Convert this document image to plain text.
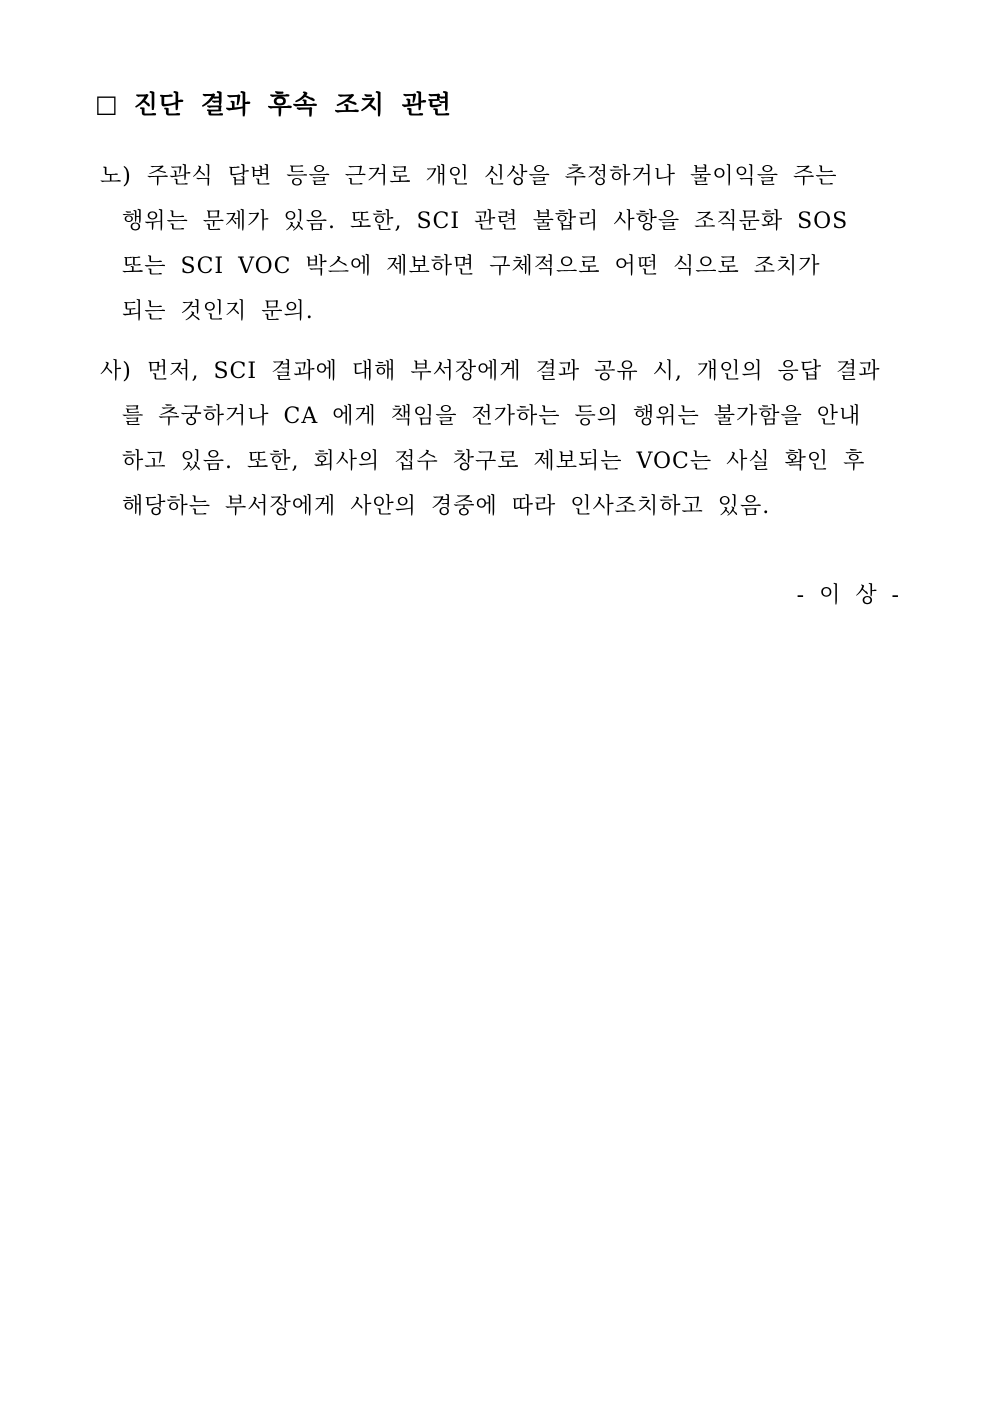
□ 진단 결과 후속 조치 관련
노) 주관식 답변 등을 근거로 개인 신상을 추정하거나 불이익을 주는
행위는 문제가 있음. 또한, SCI 관련 불합리 사항을 조직문화 SOS
또는 SCI VOC 박스에 제보하면 구체적으로 어떤 식으로 조치가
되는 것인지 문의.
사) 먼저, SCI 결과에 대해 부서장에게 결과 공유 시, 개인의 응답 결과
를 추궁하거나 CA 에게 책임을 전가하는 등의 행위는 불가함을 안내
하고 있음. 또한, 회사의 접수 창구로 제보되는 VOC는 사실 확인 후
해당하는 부서장에게 사안의 경중에 따라 인사조치하고 있음.
- 이 상 -
